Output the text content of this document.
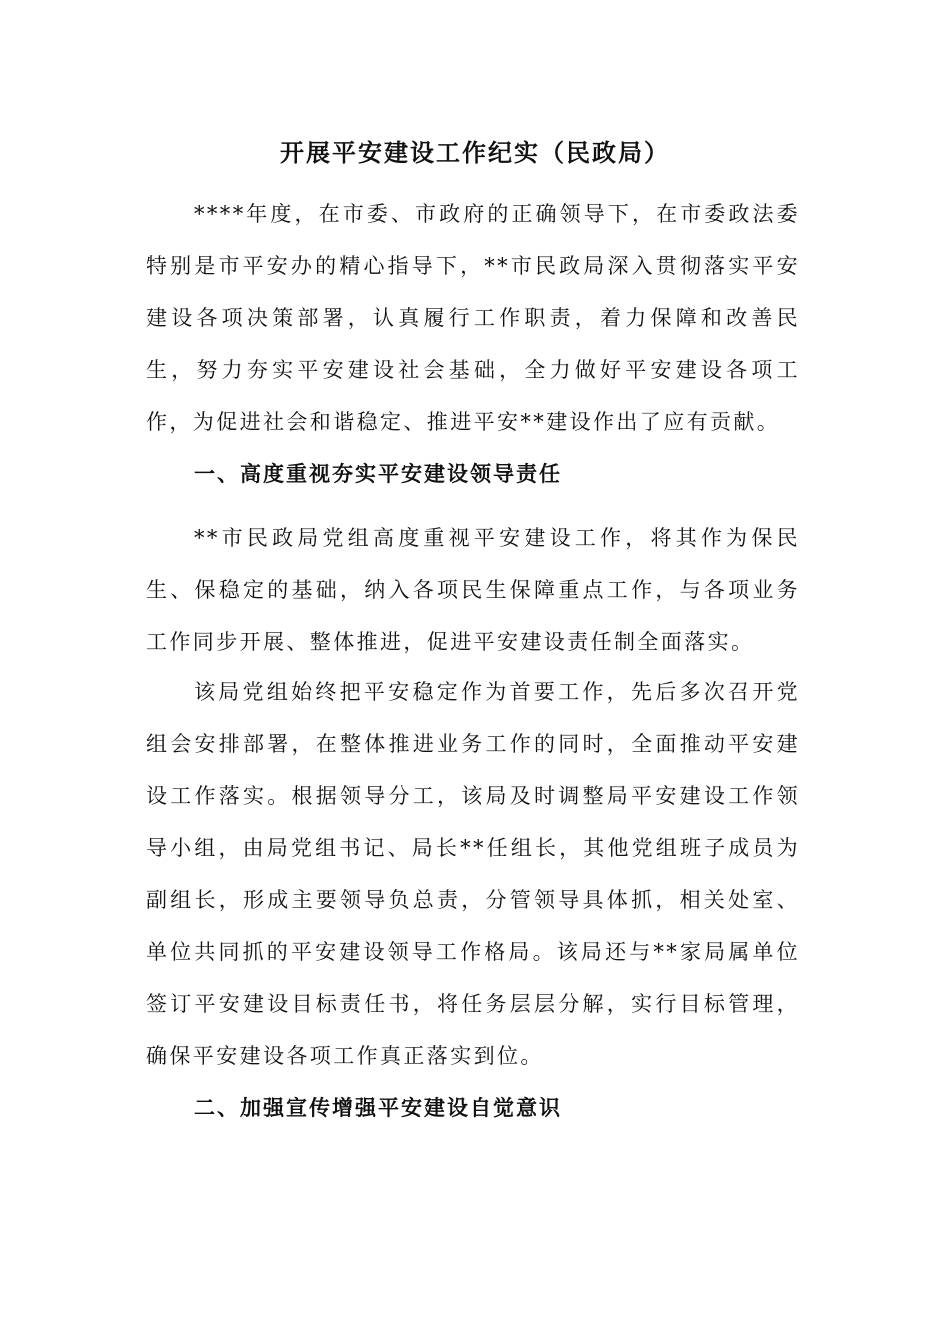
开展平安建设工作纪实（民政局）

****年度，在市委、市政府的正确领导下，在市委政法委特别是市平安办的精心指导下，**市民政局深入贯彻落实平安建设各项决策部署，认真履行工作职责，着力保障和改善民生，努力夯实平安建设社会基础，全力做好平安建设各项工作，为促进社会和谐稳定、推进平安**建设作出了应有贡献。

一、高度重视夯实平安建设领导责任

**市民政局党组高度重视平安建设工作，将其作为保民生、保稳定的基础，纳入各项民生保障重点工作，与各项业务工作同步开展、整体推进，促进平安建设责任制全面落实。

该局党组始终把平安稳定作为首要工作，先后多次召开党组会安排部署，在整体推进业务工作的同时，全面推动平安建设工作落实。根据领导分工，该局及时调整局平安建设工作领导小组，由局党组书记、局长**任组长，其他党组班子成员为副组长，形成主要领导负总责，分管领导具体抓，相关处室、单位共同抓的平安建设领导工作格局。该局还与**家局属单位签订平安建设目标责任书，将任务层层分解，实行目标管理，确保平安建设各项工作真正落实到位。

二、加强宣传增强平安建设自觉意识
